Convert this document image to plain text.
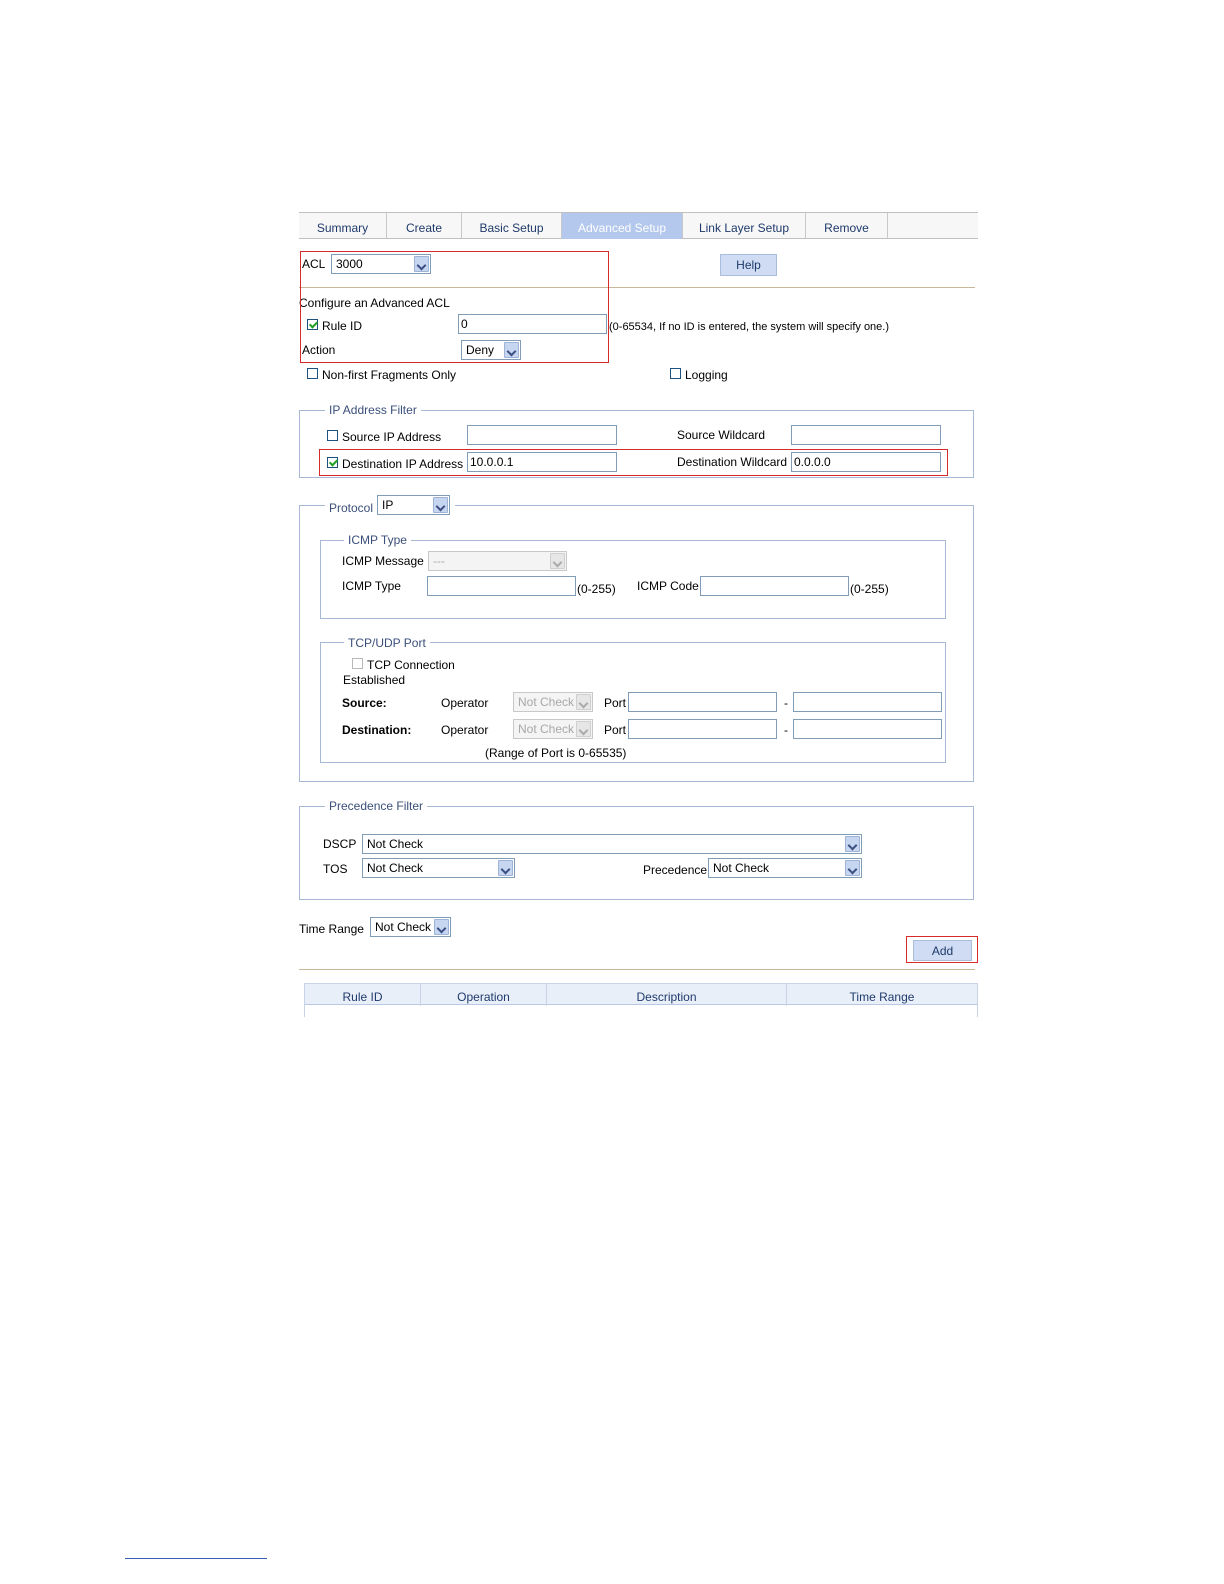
Summary	Create	Basic Setup	Advanced Setup	Link Layer Setup	Remove
ACL 3000	Help
Configure an Advanced ACL
Rule ID	0	(0-65534, If no ID is entered, the system will specify one.)
Action	Deny
Non-first Fragments Only	Logging
IP Address Filter
Source IP Address	Source Wildcard
Destination IP Address 10.0.0.1	Destination Wildcard 0.0.0.0
Protocol IP
ICMP Type
ICMP Message ---
ICMP Type	(0-255) ICMP Code	(0-255)
TCP/UDP Port
TCP Connection
Established
Source:	Operator Not Check Port	-
Destination: Operator Not Check Port	-
(Range of Port is 0-65535)
Precedence Filter
DSCP Not Check
TOS Not Check	Precedence Not Check
Time Range Not Check
Add
Rule ID	Operation	Description	Time Range
